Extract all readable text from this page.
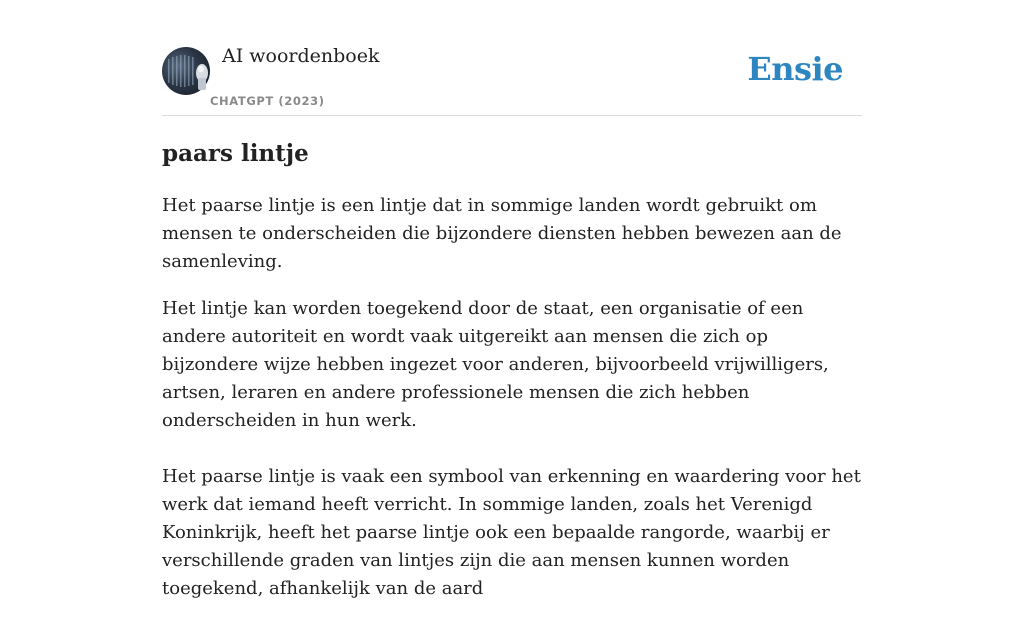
AI woordenboek
CHATGPT (2023)
Ensie
paars lintje

Het paarse lintje is een lintje dat in sommige landen wordt gebruikt om mensen te onderscheiden die bijzondere diensten hebben bewezen aan de samenleving.

Het lintje kan worden toegekend door de staat, een organisatie of een andere autoriteit en wordt vaak uitgereikt aan mensen die zich op bijzondere wijze hebben ingezet voor anderen, bijvoorbeeld vrijwilligers, artsen, leraren en andere professionele mensen die zich hebben onderscheiden in hun werk.

Het paarse lintje is vaak een symbool van erkenning en waardering voor het werk dat iemand heeft verricht. In sommige landen, zoals het Verenigd Koninkrijk, heeft het paarse lintje ook een bepaalde rangorde, waarbij er verschillende graden van lintjes zijn die aan mensen kunnen worden toegekend, afhankelijk van de aard
